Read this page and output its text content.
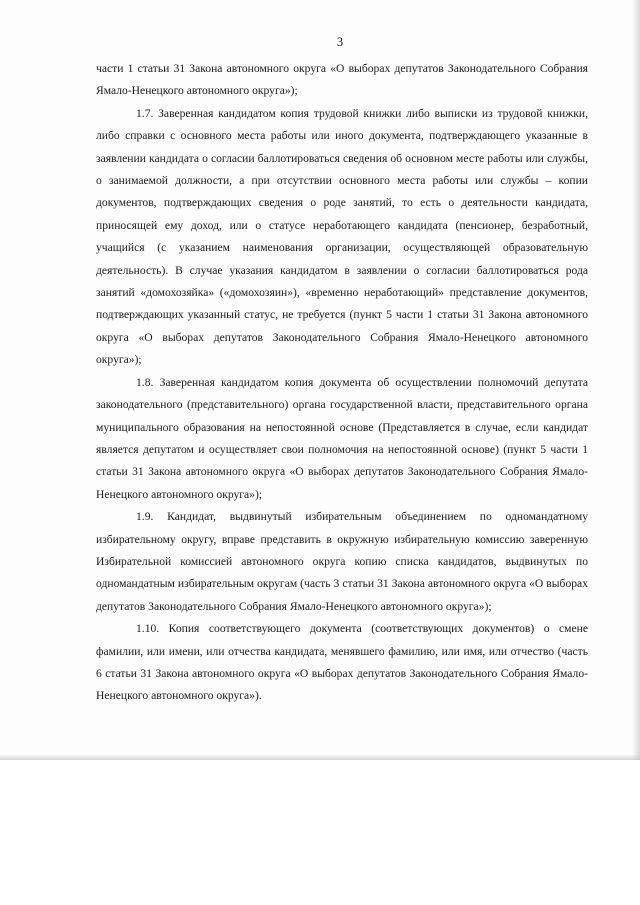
3

части 1 статьи 31 Закона автономного округа «О выборах депутатов Законодательного Собрания Ямало-Ненецкого автономного округа»);

1.7. Заверенная кандидатом копия трудовой книжки либо выписки из трудовой книжки, либо справки с основного места работы или иного документа, подтверждающего указанные в заявлении кандидата о согласии баллотироваться сведения об основном месте работы или службы, о занимаемой должности, а при отсутствии основного места работы или службы – копии документов, подтверждающих сведения о роде занятий, то есть о деятельности кандидата, приносящей ему доход, или о статусе неработающего кандидата (пенсионер, безработный, учащийся (с указанием наименования организации, осуществляющей образовательную деятельность). В случае указания кандидатом в заявлении о согласии баллотироваться рода занятий «домохозяйка» («домохозяин»), «временно неработающий» представление документов, подтверждающих указанный статус, не требуется (пункт 5 части 1 статьи 31 Закона автономного округа «О выборах депутатов Законодательного Собрания Ямало-Ненецкого автономного округа»);

1.8. Заверенная кандидатом копия документа об осуществлении полномочий депутата законодательного (представительного) органа государственной власти, представительного органа муниципального образования на непостоянной основе (Представляется в случае, если кандидат является депутатом и осуществляет свои полномочия на непостоянной основе) (пункт 5 части 1 статьи 31 Закона автономного округа «О выборах депутатов Законодательного Собрания Ямало-Ненецкого автономного округа»);

1.9. Кандидат, выдвинутый избирательным объединением по одномандатному избирательному округу, вправе представить в окружную избирательную комиссию заверенную Избирательной комиссией автономного округа копию списка кандидатов, выдвинутых по одномандатным избирательным округам (часть 3 статьи 31 Закона автономного округа «О выборах депутатов Законодательного Собрания Ямало-Ненецкого автономного округа»);

1.10. Копия соответствующего документа (соответствующих документов) о смене фамилии, или имени, или отчества кандидата, менявшего фамилию, или имя, или отчество (часть 6 статьи 31 Закона автономного округа «О выборах депутатов Законодательного Собрания Ямало-Ненецкого автономного округа»).
